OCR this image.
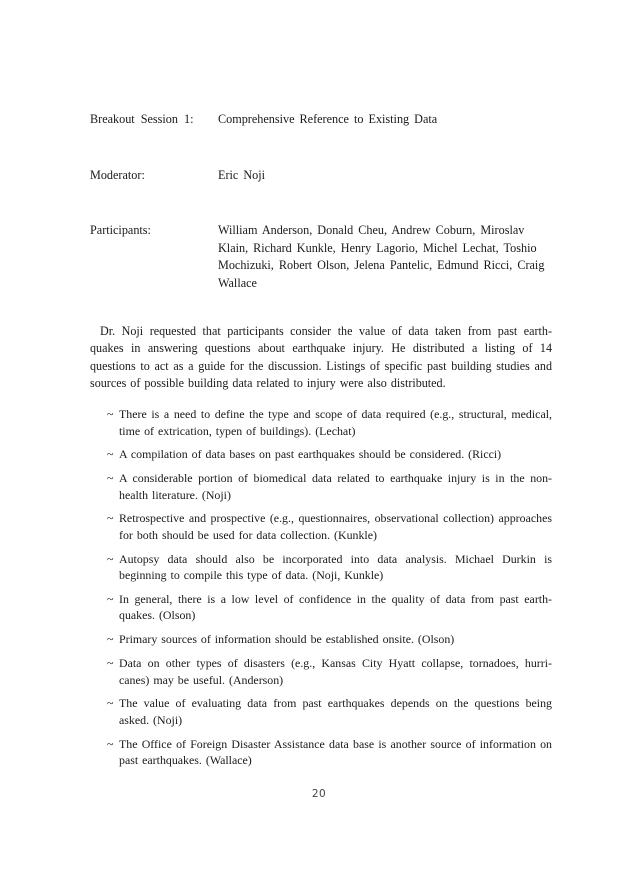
Breakout Session 1:	Comprehensive Reference to Existing Data
Moderator:	Eric Noji
Participants:	William Anderson, Donald Cheu, Andrew Coburn, Miroslav Klain, Richard Kunkle, Henry Lagorio, Michel Lechat, Toshio Mochizuki, Robert Olson, Jelena Pantelic, Edmund Ricci, Craig Wallace

Dr. Noji requested that participants consider the value of data taken from past earth-quakes in answering questions about earthquake injury. He distributed a listing of 14 questions to act as a guide for the discussion. Listings of specific past building studies and sources of possible building data related to injury were also distributed.

~ There is a need to define the type and scope of data required (e.g., structural, medical, time of extrication, typen of buildings). (Lechat)
~ A compilation of data bases on past earthquakes should be considered. (Ricci)
~ A considerable portion of biomedical data related to earthquake injury is in the non-health literature. (Noji)
~ Retrospective and prospective (e.g., questionnaires, observational collection) approaches for both should be used for data collection. (Kunkle)
~ Autopsy data should also be incorporated into data analysis. Michael Durkin is beginning to compile this type of data. (Noji, Kunkle)
~ In general, there is a low level of confidence in the quality of data from past earth-quakes. (Olson)
~ Primary sources of information should be established onsite. (Olson)
~ Data on other types of disasters (e.g., Kansas City Hyatt collapse, tornadoes, hurri-canes) may be useful. (Anderson)
~ The value of evaluating data from past earthquakes depends on the questions being asked. (Noji)
~ The Office of Foreign Disaster Assistance data base is another source of information on past earthquakes. (Wallace)
20
